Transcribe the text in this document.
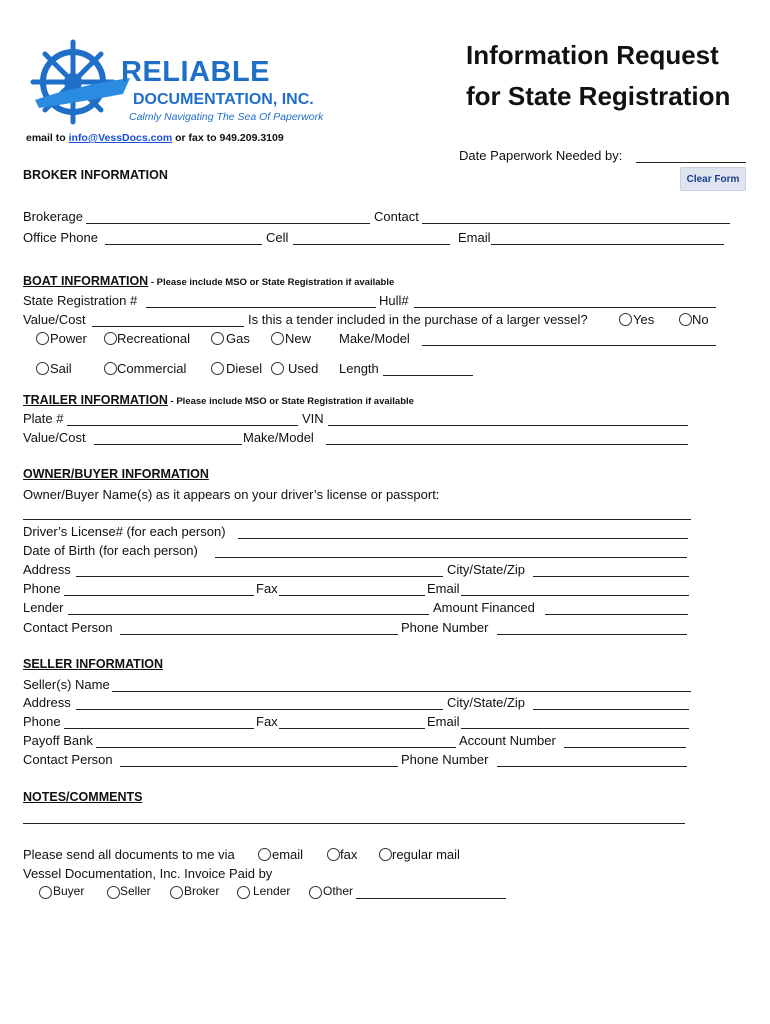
RELIABLE
DOCUMENTATION, INC.
Calmly Navigating The Sea Of Paperwork
email to info@VessDocs.com or fax to 949.209.3109
Information Request
for State Registration
Date Paperwork Needed by:
Clear Form
BROKER INFORMATION
Brokerage	Contact
Office Phone	Cell	Email
BOAT INFORMATION - Please include MSO or State Registration if available
State Registration #	Hull#
Value/Cost	Is this a tender included in the purchase of a larger vessel?	Yes	No
Power Recreational	Gas	New Make/Model
Sail	Commercial	Diesel Used Length
TRAILER INFORMATION - Please include MSO or State Registration if available
Plate #	VIN
Value/Cost	Make/Model
OWNER/BUYER INFORMATION
Owner/Buyer Name(s) as it appears on your driver’s license or passport:
Driver’s License# (for each person)
Date of Birth (for each person)
Address	City/State/Zip
Phone	Fax	Email
Lender	Amount Financed
Contact Person	Phone Number
SELLER INFORMATION
Seller(s) Name
Address	City/State/Zip
Phone	Fax	Email
Payoff Bank	Account Number
Contact Person	Phone Number
NOTES/COMMENTS
Please send all documents to me via	email	fax	regular mail
Vessel Documentation, Inc. Invoice Paid by
Buyer	Seller	Broker	Lender	Other
